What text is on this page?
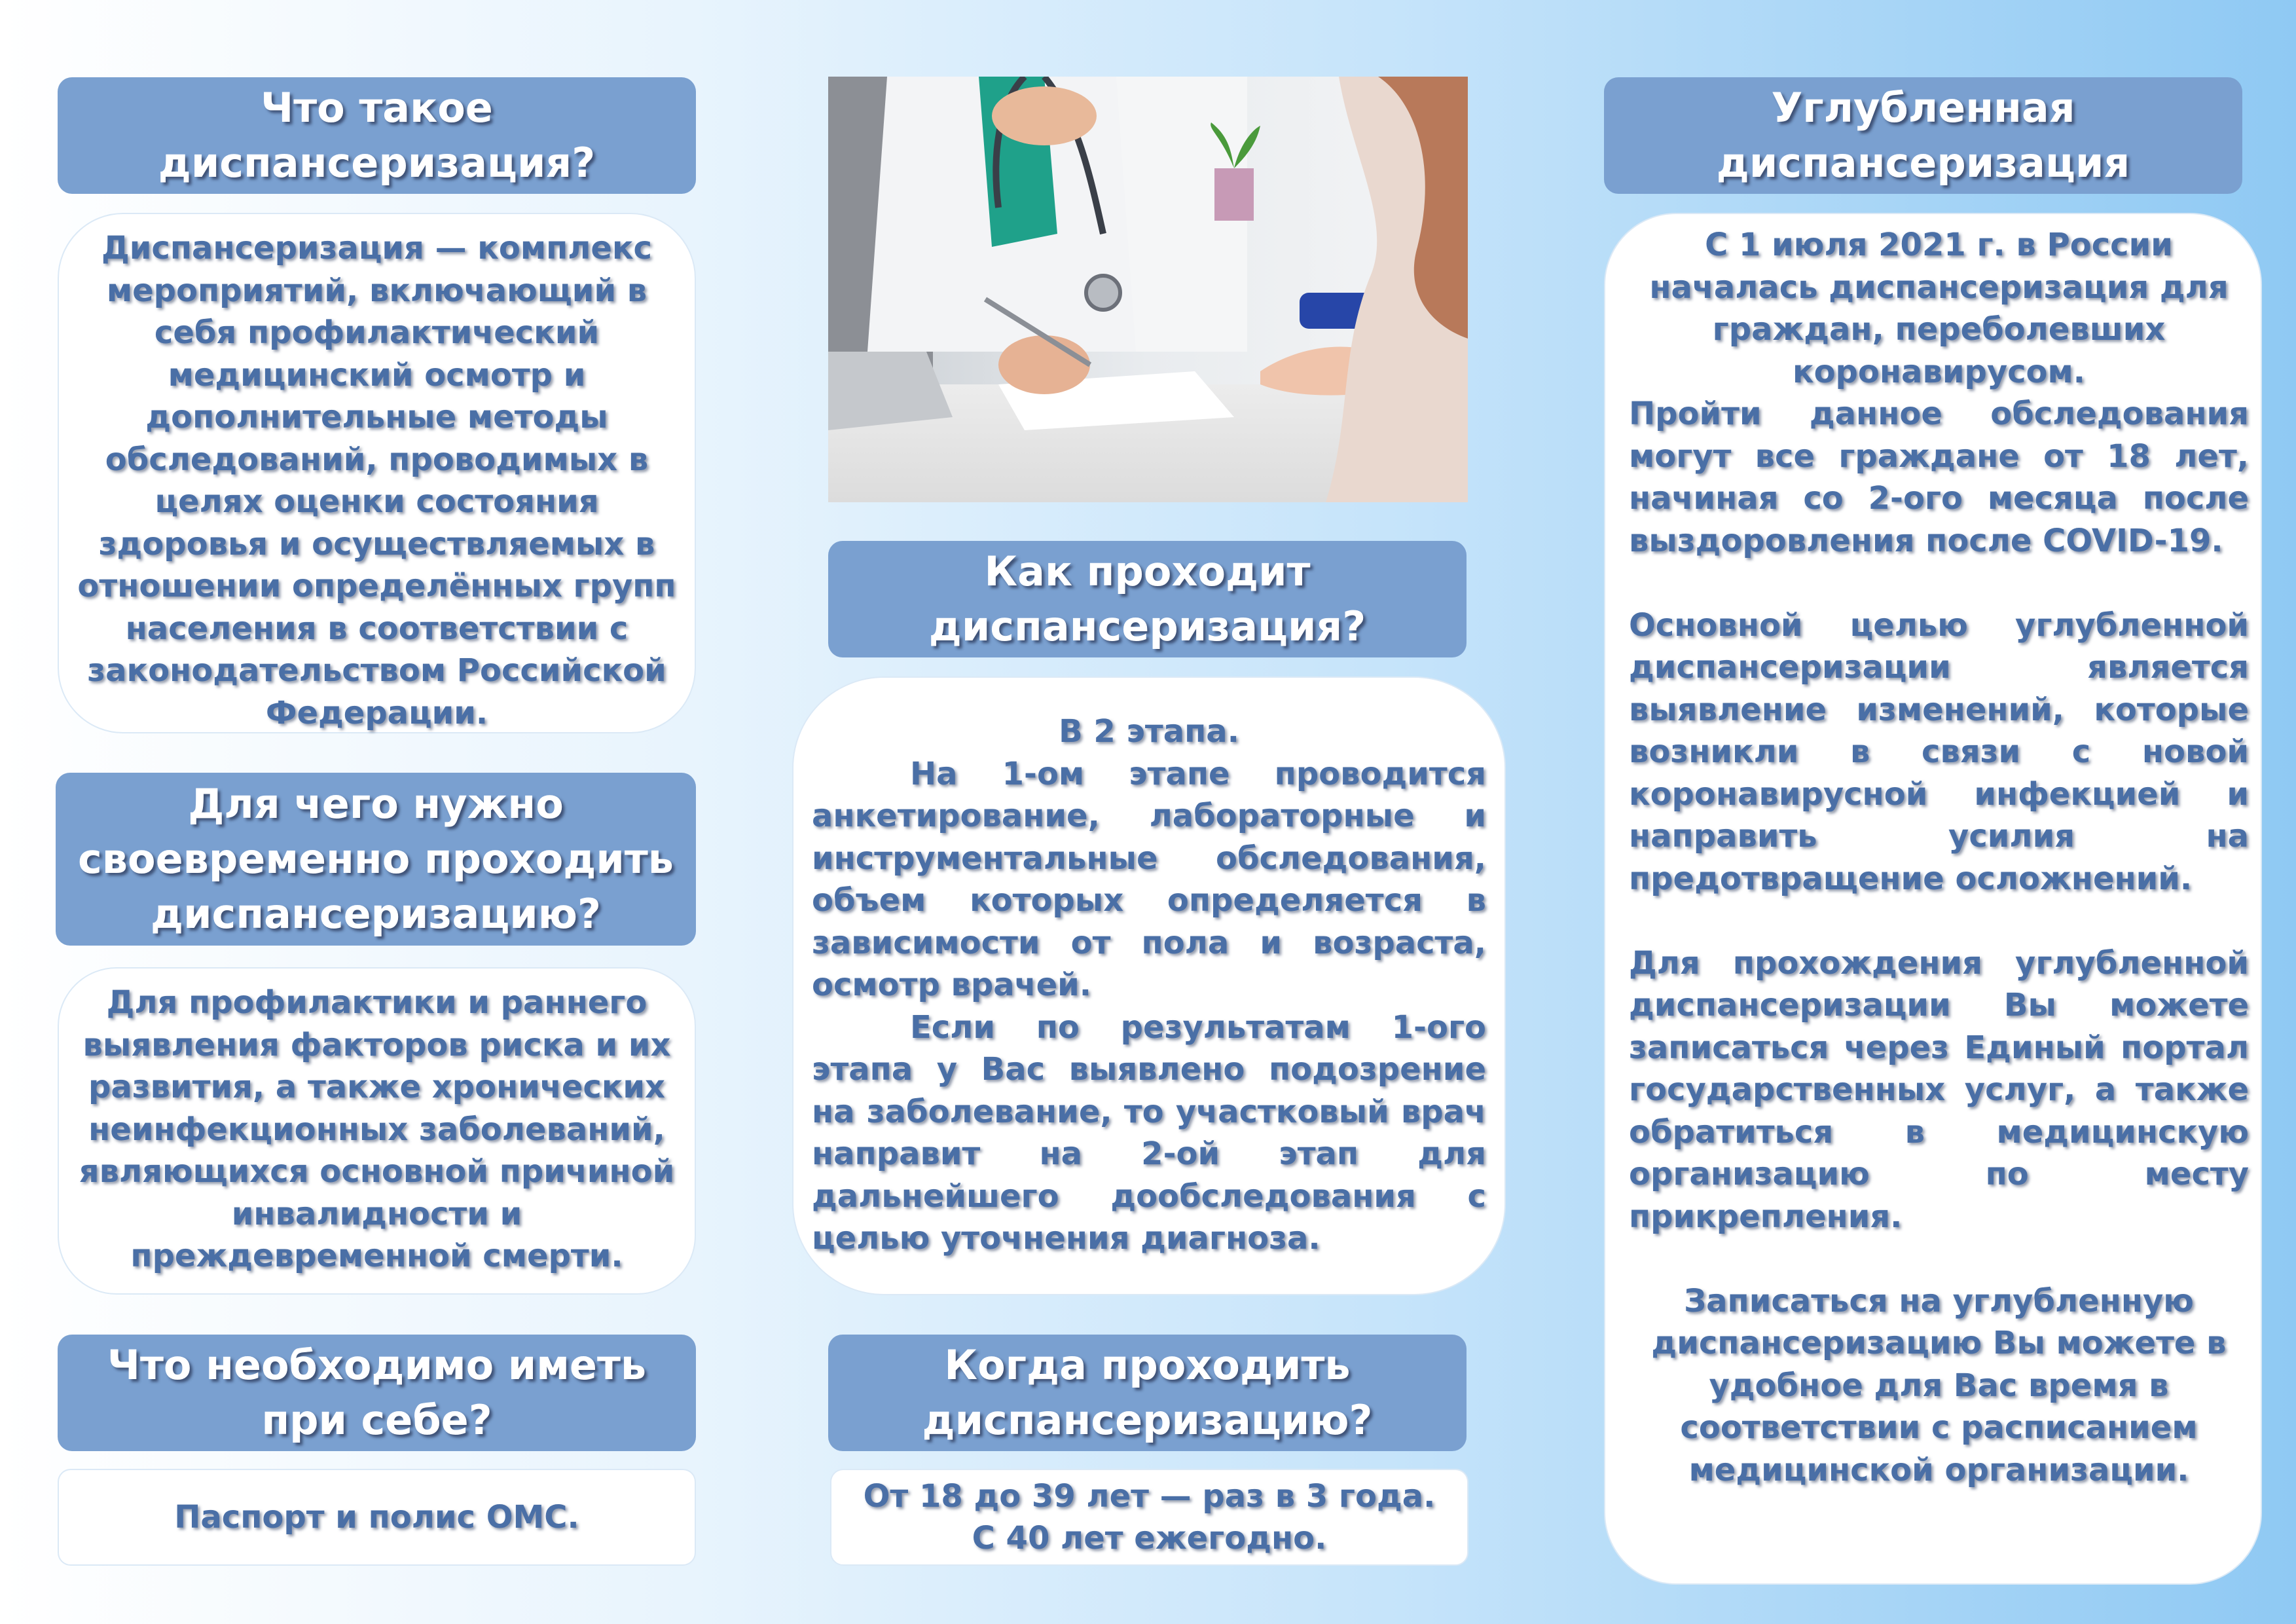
Что такое
диспансеризация?

Диспансеризация — комплекс мероприятий, включающий в себя профилактический медицинский осмотр и дополнительные методы обследований, проводимых в целях оценки состояния здоровья и осуществляемых в отношении определённых групп населения в соответствии с законодательством Российской Федерации.

Для чего нужно
своевременно проходить
диспансеризацию?

Для профилактики и раннего выявления факторов риска и их развития, а также хронических неинфекционных заболеваний, являющихся основной причиной инвалидности и преждевременной смерти.

Что необходимо иметь
при себе?

Паспорт и полис ОМС.

Как проходит
диспансеризация?

В 2 этапа.

На 1-ом этапе проводится анкетирование, лабораторные и инструментальные обследования, объем которых определяется в зависимости от пола и возраста, осмотр врачей.

Если по результатам 1-ого этапа у Вас выявлено подозрение на заболевание, то участковый врач направит на 2-ой этап для дальнейшего дообследования с целью уточнения диагноза.

Когда проходить
диспансеризацию?

От 18 до 39 лет — раз в 3 года.

С 40 лет ежегодно.

Углубленная
диспансеризация

С 1 июля 2021 г. в России началась диспансеризация для граждан, переболевших коронавирусом.

Пройти данное обследования могут все граждане от 18 лет, начиная со 2-ого месяца после выздоровления после COVID-19.

Основной целью углубленной диспансеризации является выявление изменений, которые возникли в связи с новой коронавирусной инфекцией и направить усилия на предотвращение осложнений.

Для прохождения углубленной диспансеризации Вы можете записаться через Единый портал государственных услуг, а также обратиться в медицинскую организацию по месту прикрепления.

Записаться на углубленную диспансеризацию Вы можете в удобное для Вас время в соответствии с расписанием медицинской организации.
